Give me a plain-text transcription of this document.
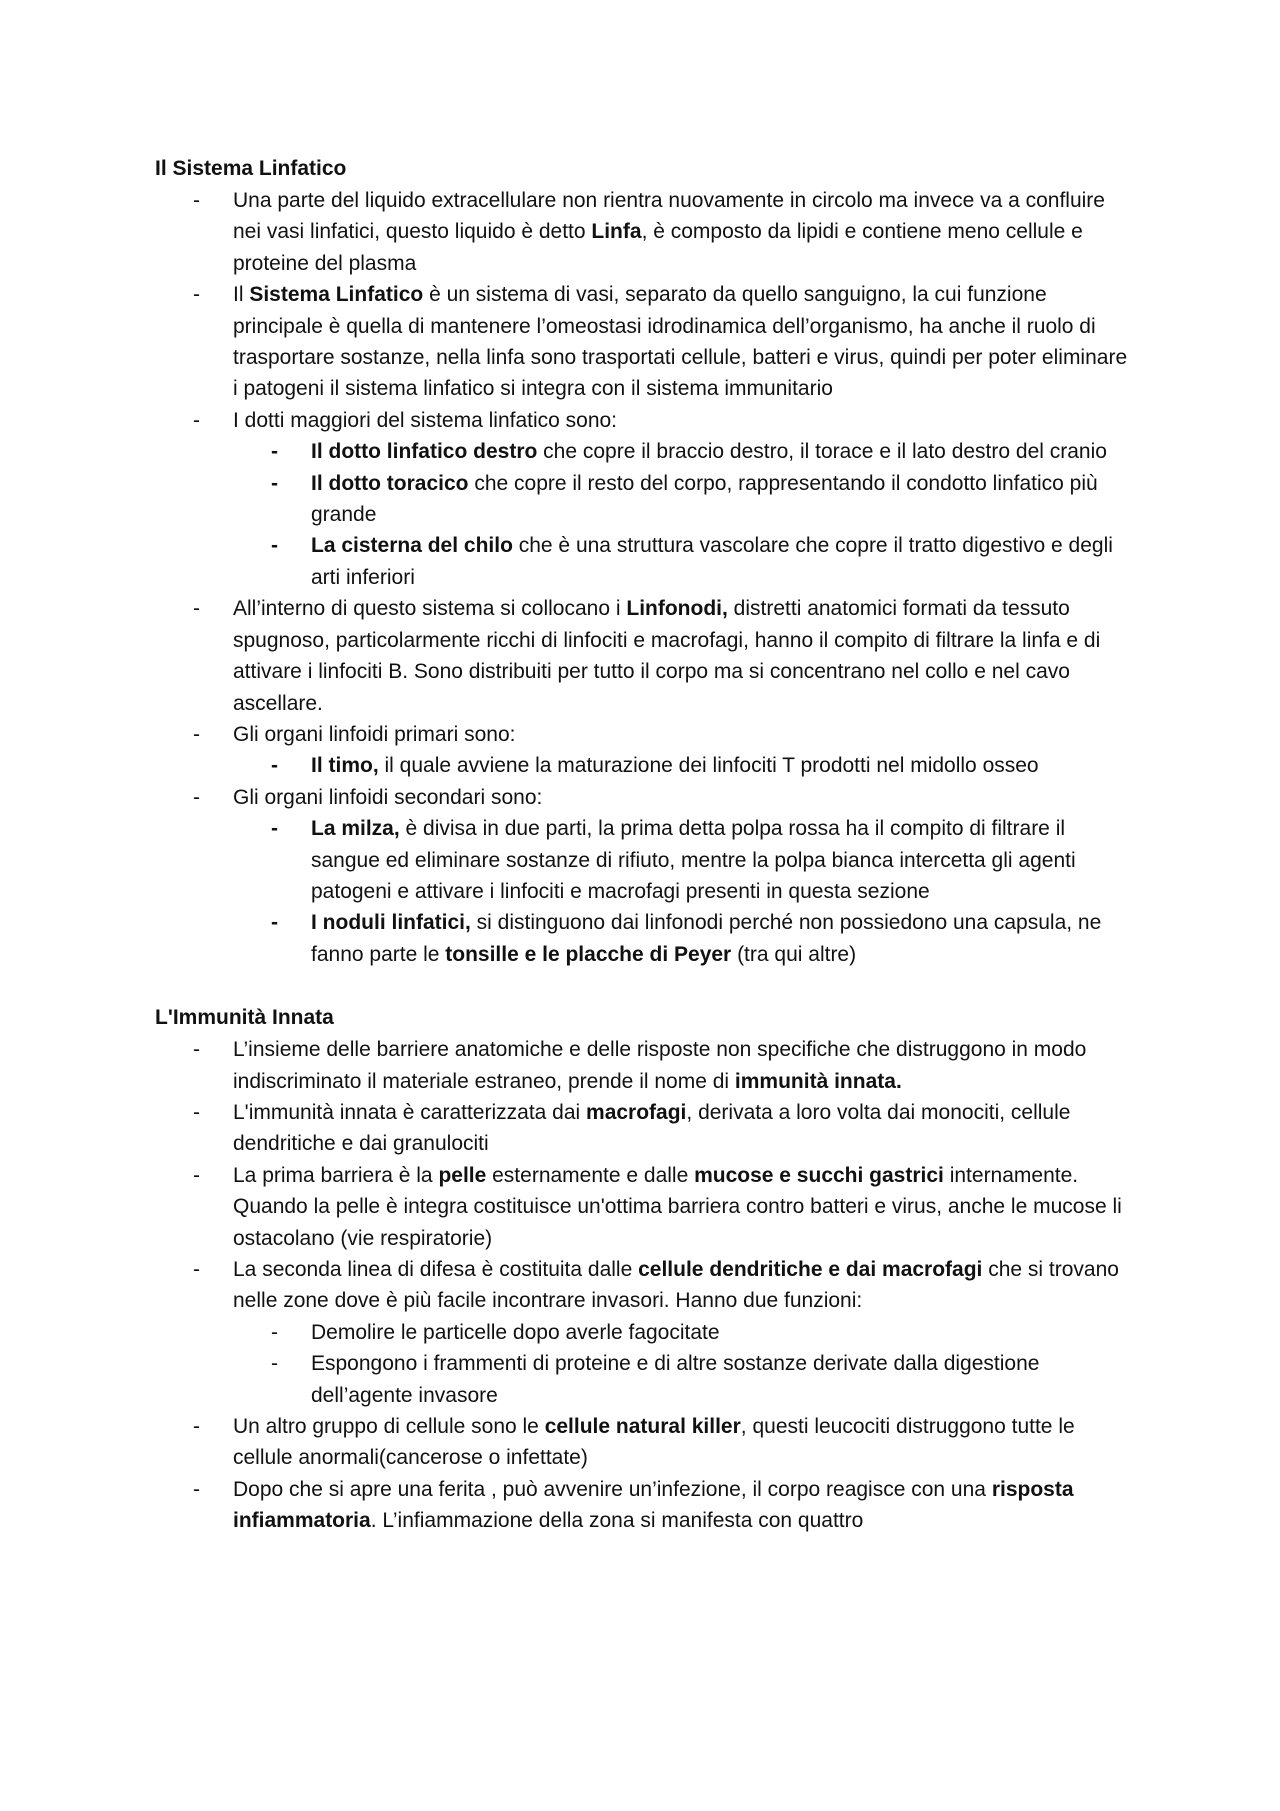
Il Sistema Linfatico
-	Una parte del liquido extracellulare non rientra nuovamente in circolo ma invece va a confluire nei vasi linfatici, questo liquido è detto Linfa, è composto da lipidi e contiene meno cellule e proteine del plasma
-	Il Sistema Linfatico è un sistema di vasi, separato da quello sanguigno, la cui funzione principale è quella di mantenere l’omeostasi idrodinamica dell’organismo, ha anche il ruolo di trasportare sostanze, nella linfa sono trasportati cellule, batteri e virus, quindi per poter eliminare i patogeni il sistema linfatico si integra con il sistema immunitario
-	I dotti maggiori del sistema linfatico sono:
-	Il dotto linfatico destro che copre il braccio destro, il torace e il lato destro del cranio
-	Il dotto toracico che copre il resto del corpo, rappresentando il condotto linfatico più grande
-	La cisterna del chilo che è una struttura vascolare che copre il tratto digestivo e degli arti inferiori
-	All’interno di questo sistema si collocano i Linfonodi, distretti anatomici formati da tessuto spugnoso, particolarmente ricchi di linfociti e macrofagi, hanno il compito di filtrare la linfa e di attivare i linfociti B. Sono distribuiti per tutto il corpo ma si concentrano nel collo e nel cavo ascellare.
-	Gli organi linfoidi primari sono:
-	Il timo, il quale avviene la maturazione dei linfociti T prodotti nel midollo osseo
-	Gli organi linfoidi secondari sono:
-	La milza, è divisa in due parti, la prima detta polpa rossa ha il compito di filtrare il sangue ed eliminare sostanze di rifiuto, mentre la polpa bianca intercetta gli agenti patogeni e attivare i linfociti e macrofagi presenti in questa sezione
-	I noduli linfatici, si distinguono dai linfonodi perché non possiedono una capsula, ne fanno parte le tonsille e le placche di Peyer (tra qui altre)
L'Immunità Innata
-	L’insieme delle barriere anatomiche e delle risposte non specifiche che distruggono in modo indiscriminato il materiale estraneo, prende il nome di immunità innata.
-	L'immunità innata è caratterizzata dai macrofagi, derivata a loro volta dai monociti, cellule dendritiche e dai granulociti
-	La prima barriera è la pelle esternamente e dalle mucose e succhi gastrici internamente. Quando la pelle è integra costituisce un'ottima barriera contro batteri e virus, anche le mucose li ostacolano (vie respiratorie)
-	La seconda linea di difesa è costituita dalle cellule dendritiche e dai macrofagi che si trovano nelle zone dove è più facile incontrare invasori. Hanno due funzioni:
-	Demolire le particelle dopo averle fagocitate
-	Espongono i frammenti di proteine e di altre sostanze derivate dalla digestione dell’agente invasore
-	Un altro gruppo di cellule sono le cellule natural killer, questi leucociti distruggono tutte le cellule anormali(cancerose o infettate)
-	Dopo che si apre una ferita , può avvenire un’infezione, il corpo reagisce con una risposta infiammatoria. L’infiammazione della zona si manifesta con quattro
